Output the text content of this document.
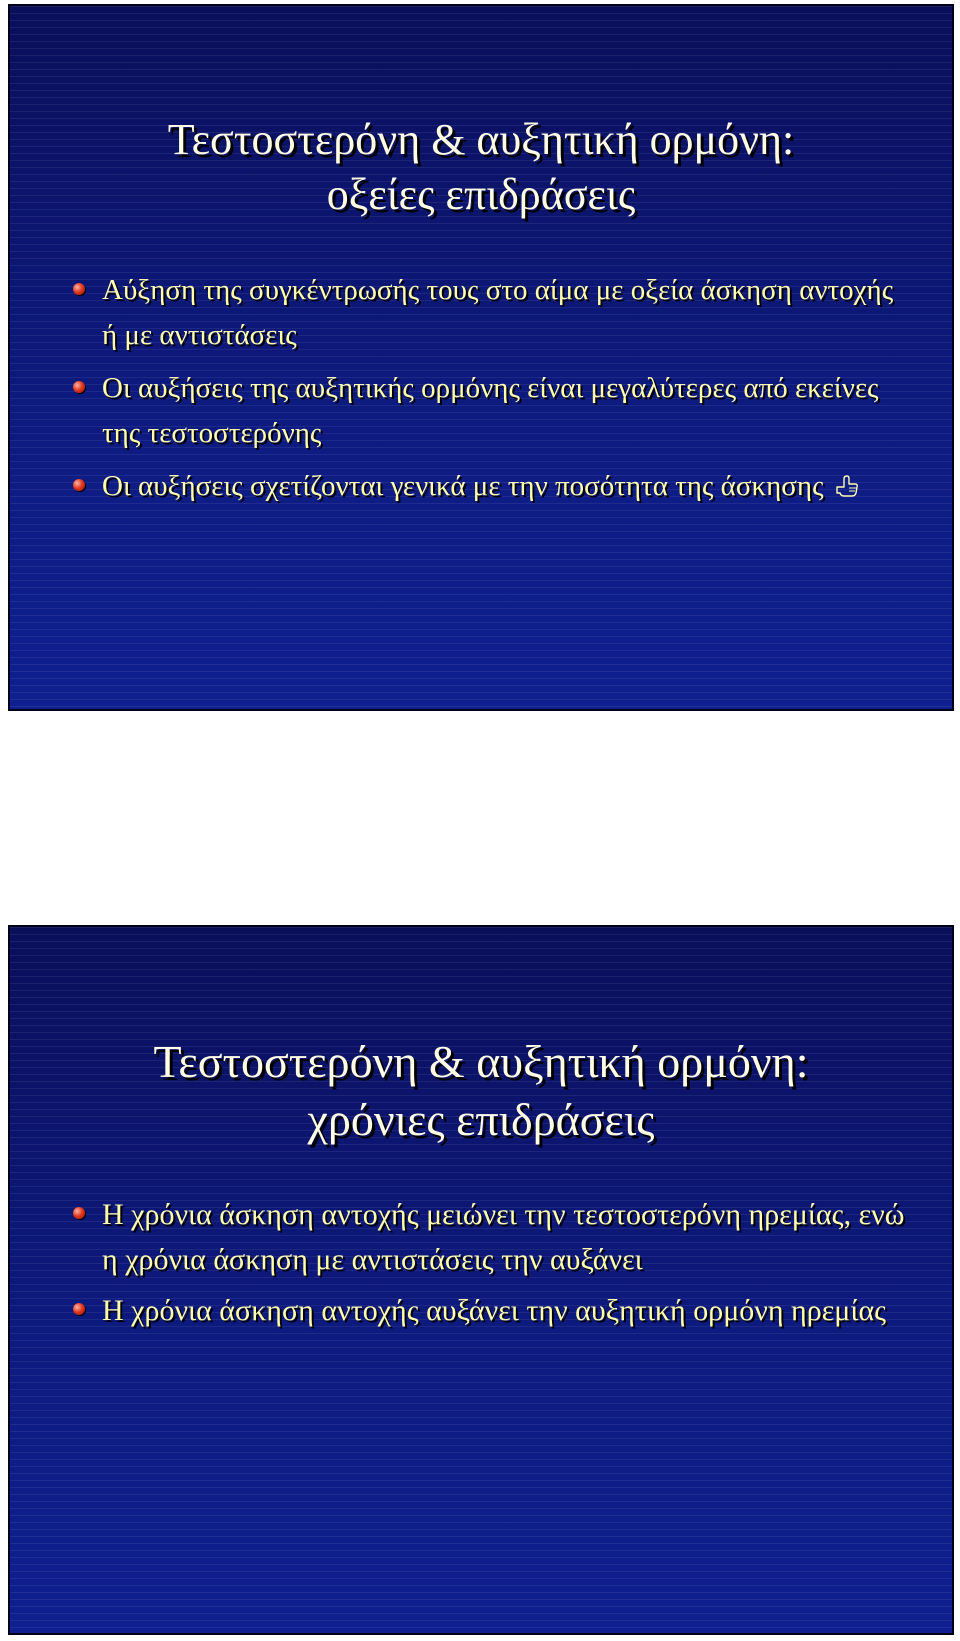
Τεστοστερόνη & αυξητική ορμόνη:
οξείες επιδράσεις
Αύξηση της συγκέντρωσής τους στο αίμα με οξεία άσκηση αντοχής ή με αντιστάσεις
Οι αυξήσεις της αυξητικής ορμόνης είναι μεγαλύτερες από εκείνες της τεστοστερόνης
Οι αυξήσεις σχετίζονται γενικά με την ποσότητα της άσκησης
Τεστοστερόνη & αυξητική ορμόνη:
χρόνιες επιδράσεις
Η χρόνια άσκηση αντοχής μειώνει την τεστοστερόνη ηρεμίας, ενώ η χρόνια άσκηση με αντιστάσεις την αυξάνει
Η χρόνια άσκηση αντοχής αυξάνει την αυξητική ορμόνη ηρεμίας
